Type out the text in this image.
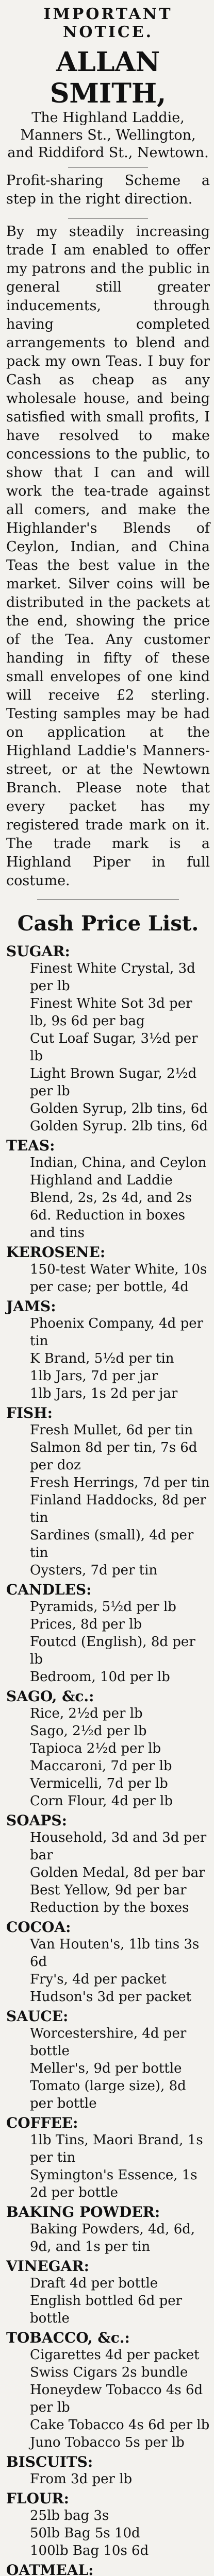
IMPORTANT NOTICE.
ALLAN SMITH,
The Highland Laddie, Manners St., Wellington, and Riddiford St., Newtown.
Profit-sharing Scheme a step in the right direction.
By my steadily increasing trade I am enabled to offer my patrons and the public in general still greater inducements, through having completed arrangements to blend and pack my own Teas. I buy for Cash as cheap as any wholesale house, and being satisfied with small profits, I have resolved to make concessions to the public, to show that I can and will work the tea-trade against all comers, and make the Highlander's Blends of Ceylon, Indian, and China Teas the best value in the market. Silver coins will be distributed in the packets at the end, showing the price of the Tea. Any customer handing in fifty of these small envelopes of one kind will receive £2 sterling. Testing samples may be had on application at the Highland Laddie's Manners-street, or at the Newtown Branch. Please note that every packet has my registered trade mark on it. The trade mark is a Highland Piper in full costume.
Cash Price List.
SUGAR:
Finest White Crystal, 3d per lb
Finest White Sot 3d per lb, 9s 6d per bag
Cut Loaf Sugar, 3½d per lb
Light Brown Sugar, 2½d per lb
Golden Syrup, 2lb tins, 6d
Golden Syrup. 2lb tins, 6d
TEAS:
Indian, China, and Ceylon
Highland and Laddie Blend, 2s, 2s 4d, and 2s 6d. Reduction in boxes and tins
KEROSENE:
150-test Water White, 10s per case; per bottle, 4d
JAMS:
Phoenix Company, 4d per tin
K Brand, 5½d per tin
1lb Jars, 7d per jar
1lb Jars, 1s 2d per jar
FISH:
Fresh Mullet, 6d per tin
Salmon 8d per tin, 7s 6d per doz
Fresh Herrings, 7d per tin
Finland Haddocks, 8d per tin
Sardines (small), 4d per tin
Oysters, 7d per tin
CANDLES:
Pyramids, 5½d per lb
Prices, 8d per lb
Foutcd (English), 8d per lb
Bedroom, 10d per lb
SAGO, &c.:
Rice, 2½d per lb
Sago, 2½d per lb
Tapioca 2½d per lb
Maccaroni, 7d per lb
Vermicelli, 7d per lb
Corn Flour, 4d per lb
SOAPS:
Household, 3d and 3d per bar
Golden Medal, 8d per bar
Best Yellow, 9d per bar
Reduction by the boxes
COCOA:
Van Houten's, 1lb tins 3s 6d
Fry's, 4d per packet
Hudson's 3d per packet
SAUCE:
Worcestershire, 4d per bottle
Meller's, 9d per bottle
Tomato (large size), 8d per bottle
COFFEE:
1lb Tins, Maori Brand, 1s per tin
Symington's Essence, 1s 2d per bottle
BAKING POWDER:
Baking Powders, 4d, 6d, 9d, and 1s per tin
VINEGAR:
Draft 4d per bottle
English bottled 6d per bottle
TOBACCO, &c.:
Cigarettes 4d per packet
Swiss Cigars 2s bundle
Honeydew Tobacco 4s 6d per lb
Cake Tobacco 4s 6d per lb
Juno Tobacco 5s per lb
BISCUITS:
From 3d per lb
FLOUR:
25lb bag 3s
50lb Bag 5s 10d
100lb Bag 10s 6d
OATMEAL:
